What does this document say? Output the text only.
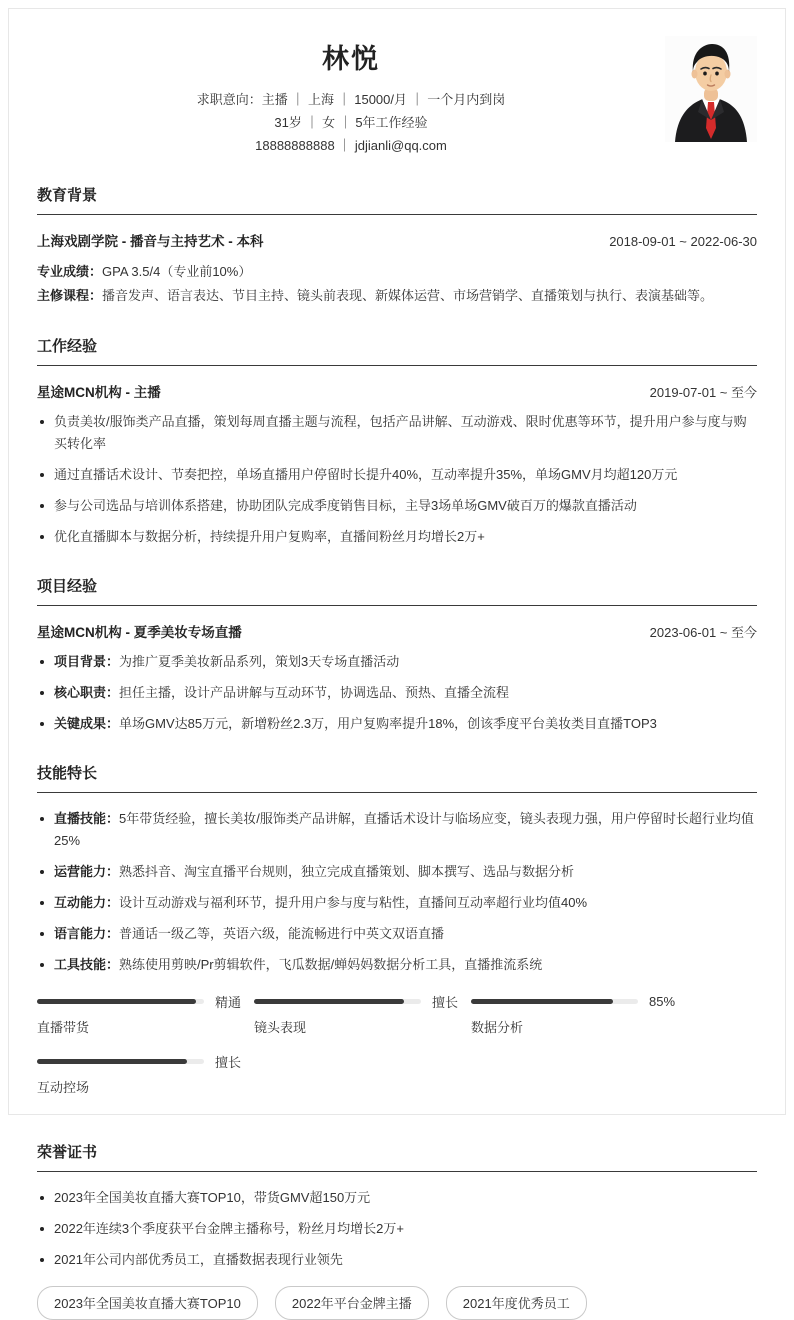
林悦
求职意向：主播 ｜ 上海 ｜ 15000/月 ｜ 一个月内到岗
31岁 ｜ 女 ｜ 5年工作经验
18888888888 ｜ jdjianli@qq.com
教育背景
上海戏剧学院 - 播音与主持艺术 - 本科	2018-09-01 ~ 2022-06-30

专业成绩：GPA 3.5/4（专业前10%）

主修课程：播音发声、语言表达、节目主持、镜头前表现、新媒体运营、市场营销学、直播策划与执行、表演基础等。

工作经验
星途MCN机构 - 主播	2019-07-01 ~ 至今
负责美妆/服饰类产品直播，策划每周直播主题与流程，包括产品讲解、互动游戏、限时优惠等环节，提升用户参与度与购买转化率
通过直播话术设计、节奏把控，单场直播用户停留时长提升40%，互动率提升35%，单场GMV月均超120万元
参与公司选品与培训体系搭建，协助团队完成季度销售目标，主导3场单场GMV破百万的爆款直播活动
优化直播脚本与数据分析，持续提升用户复购率，直播间粉丝月均增长2万+
项目经验
星途MCN机构 - 夏季美妆专场直播	2023-06-01 ~ 至今
项目背景：为推广夏季美妆新品系列，策划3天专场直播活动
核心职责：担任主播，设计产品讲解与互动环节，协调选品、预热、直播全流程
关键成果：单场GMV达85万元，新增粉丝2.3万，用户复购率提升18%，创该季度平台美妆类目直播TOP3
技能特长
直播技能：5年带货经验，擅长美妆/服饰类产品讲解，直播话术设计与临场应变，镜头表现力强，用户停留时长超行业均值25%
运营能力：熟悉抖音、淘宝直播平台规则，独立完成直播策划、脚本撰写、选品与数据分析
互动能力：设计互动游戏与福利环节，提升用户参与度与粘性，直播间互动率超行业均值40%
语言能力：普通话一级乙等，英语六级，能流畅进行中英文双语直播
工具技能：熟练使用剪映/Pr剪辑软件，飞瓜数据/蝉妈妈数据分析工具，直播推流系统
精通
直播带货
擅长
镜头表现
85%
数据分析
擅长
互动控场
荣誉证书
2023年全国美妆直播大赛TOP10，带货GMV超150万元
2022年连续3个季度获平台金牌主播称号，粉丝月均增长2万+
2021年公司内部优秀员工，直播数据表现行业领先
2023年全国美妆直播大赛TOP10	2022年平台金牌主播	2021年度优秀员工
